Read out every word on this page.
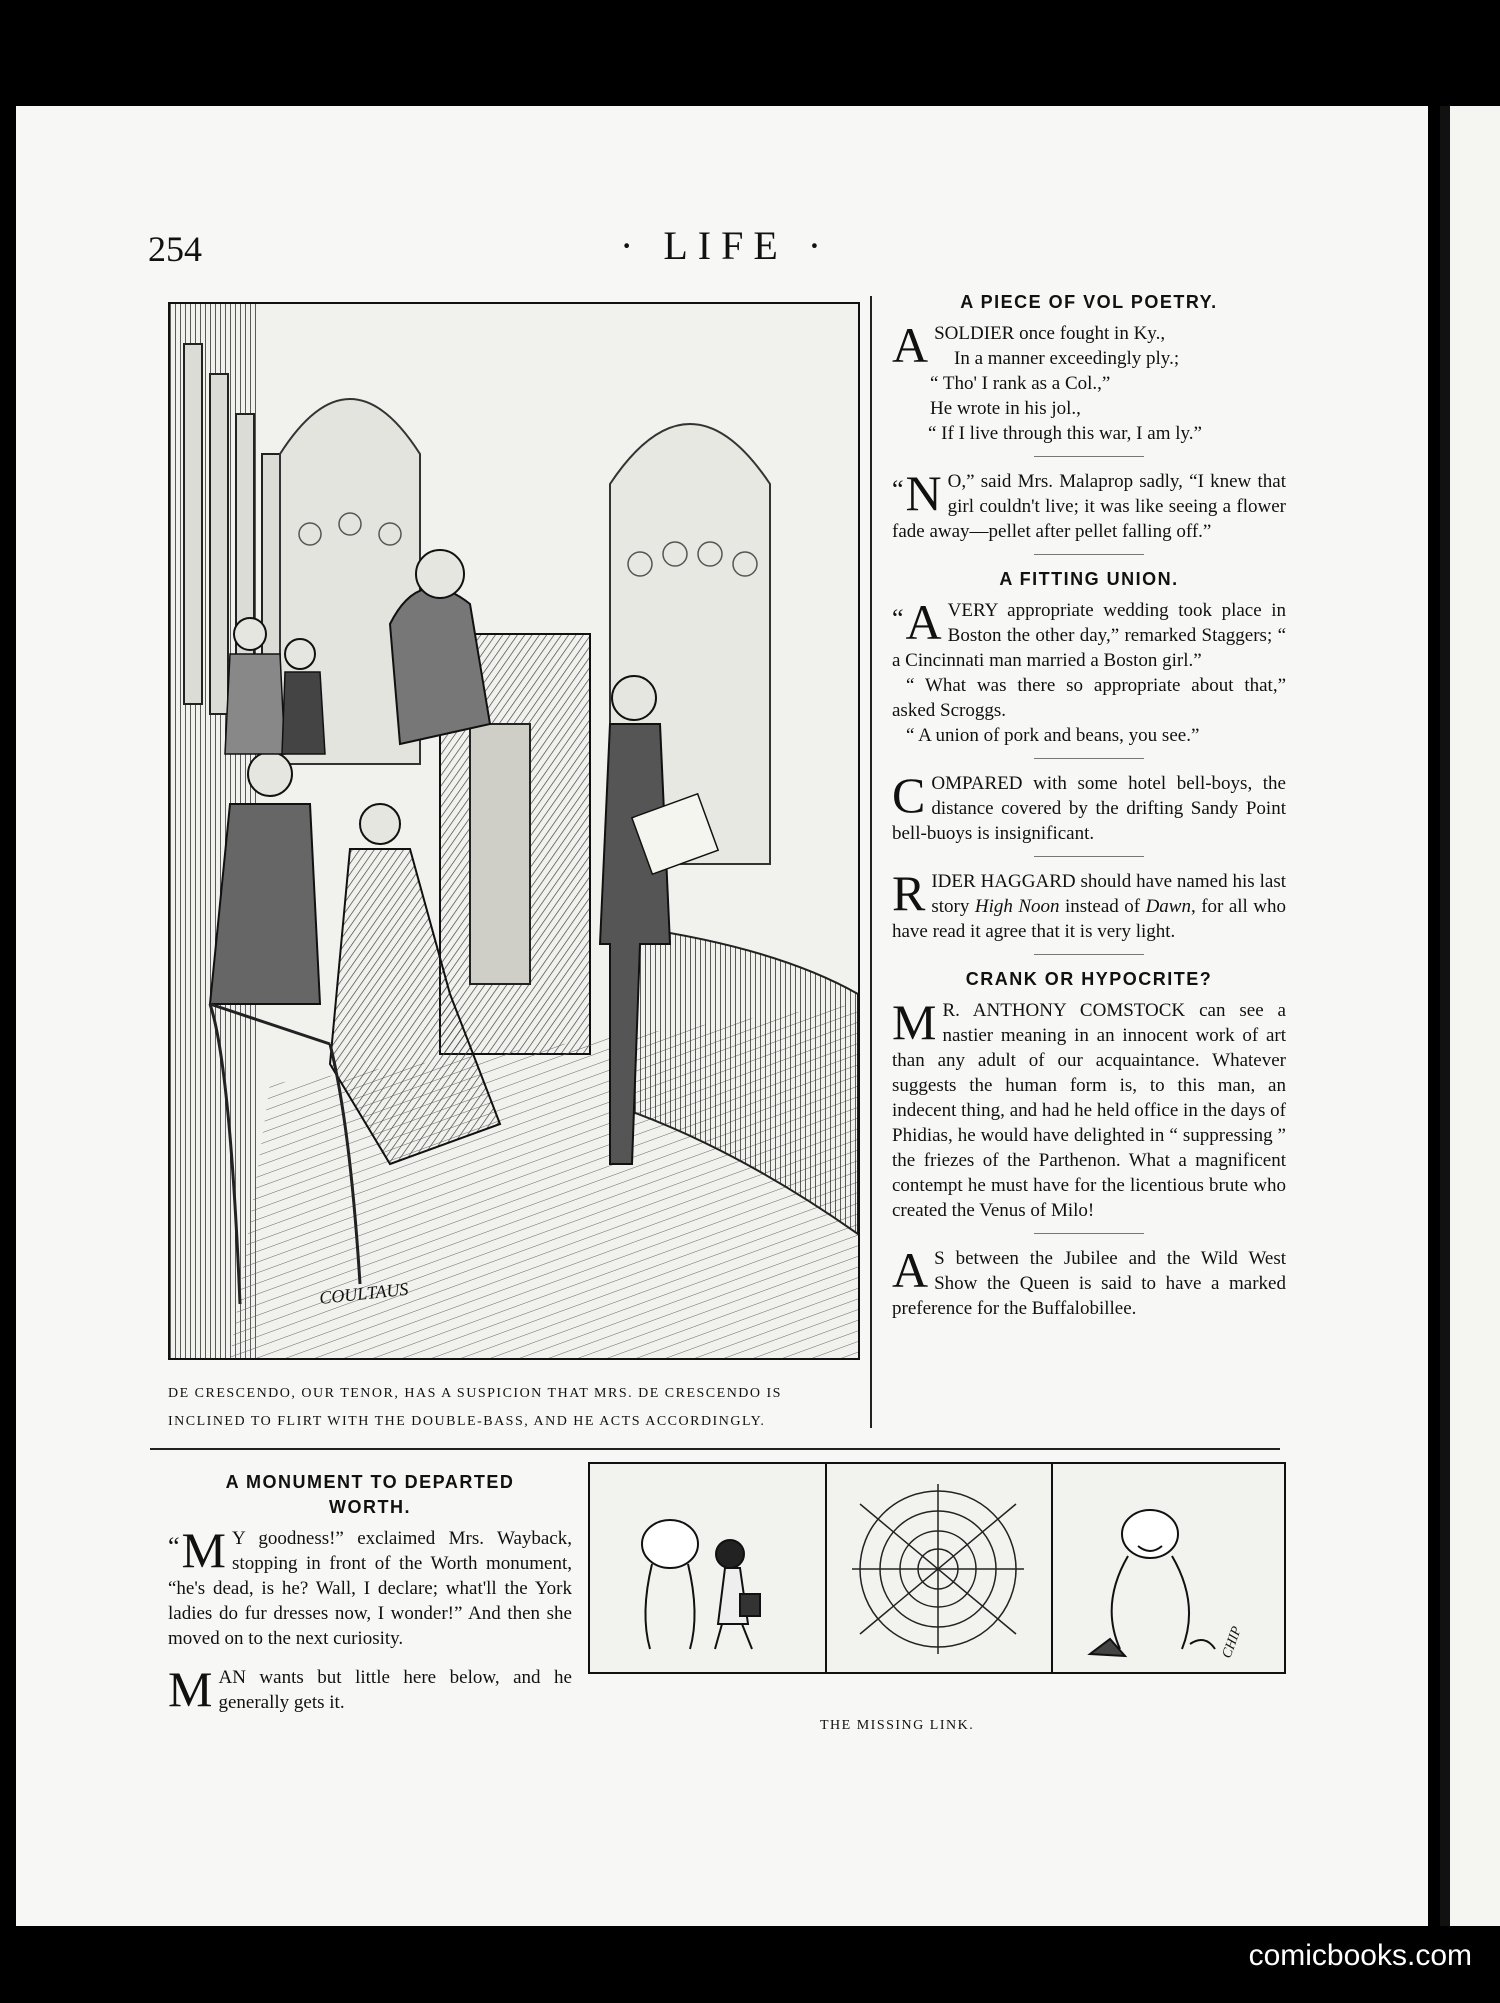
254	· LIFE ·
COULTAUS
DE CRESCENDO, OUR TENOR, HAS A SUSPICION THAT MRS. DE CRESCENDO IS
INCLINED TO FLIRT WITH THE DOUBLE-BASS, AND HE ACTS ACCORDINGLY.
A PIECE OF VOL POETRY.
A SOLDIER once fought in Ky.,
In a manner exceedingly ply.;
“ Tho' I rank as a Col.,”
He wrote in his jol.,
“ If I live through this war, I am ly.”

“ N O,” said Mrs. Malaprop sadly, “I knew that girl couldn't live; it was like seeing a flower fade away—pellet after pellet falling off.”

A FITTING UNION.

“ A VERY appropriate wedding took place in Boston the other day,” remarked Staggers; “ a Cincinnati man married a Boston girl.”

“ What was there so appropriate about that,” asked Scroggs.

“ A union of pork and beans, you see.”

COMPARED with some hotel bell-boys, the distance covered by the drifting Sandy Point bell-buoys is insignificant.

RIDER HAGGARD should have named his last story High Noon instead of Dawn, for all who have read it agree that it is very light.

CRANK OR HYPOCRITE?

M R. ANTHONY COMSTOCK can see a nastier meaning in an innocent work of art than any adult of our acquaintance. Whatever suggests the human form is, to this man, an indecent thing, and had he held office in the days of Phidias, he would have delighted in “ suppressing ” the friezes of the Parthenon. What a magnificent contempt he must have for the licentious brute who created the Venus of Milo!

A S between the Jubilee and the Wild West Show the Queen is said to have a marked preference for the Buffalobillee.

A MONUMENT TO DEPARTED
WORTH.

“ M Y goodness!” exclaimed Mrs. Wayback, stopping in front of the Worth monument, “he's dead, is he? Wall, I declare; what'll the York ladies do fur dresses now, I wonder!” And then she moved on to the next curiosity.

MAN wants but little here below, and he generally gets it.

CHIP
THE MISSING LINK.
comicbooks.com
